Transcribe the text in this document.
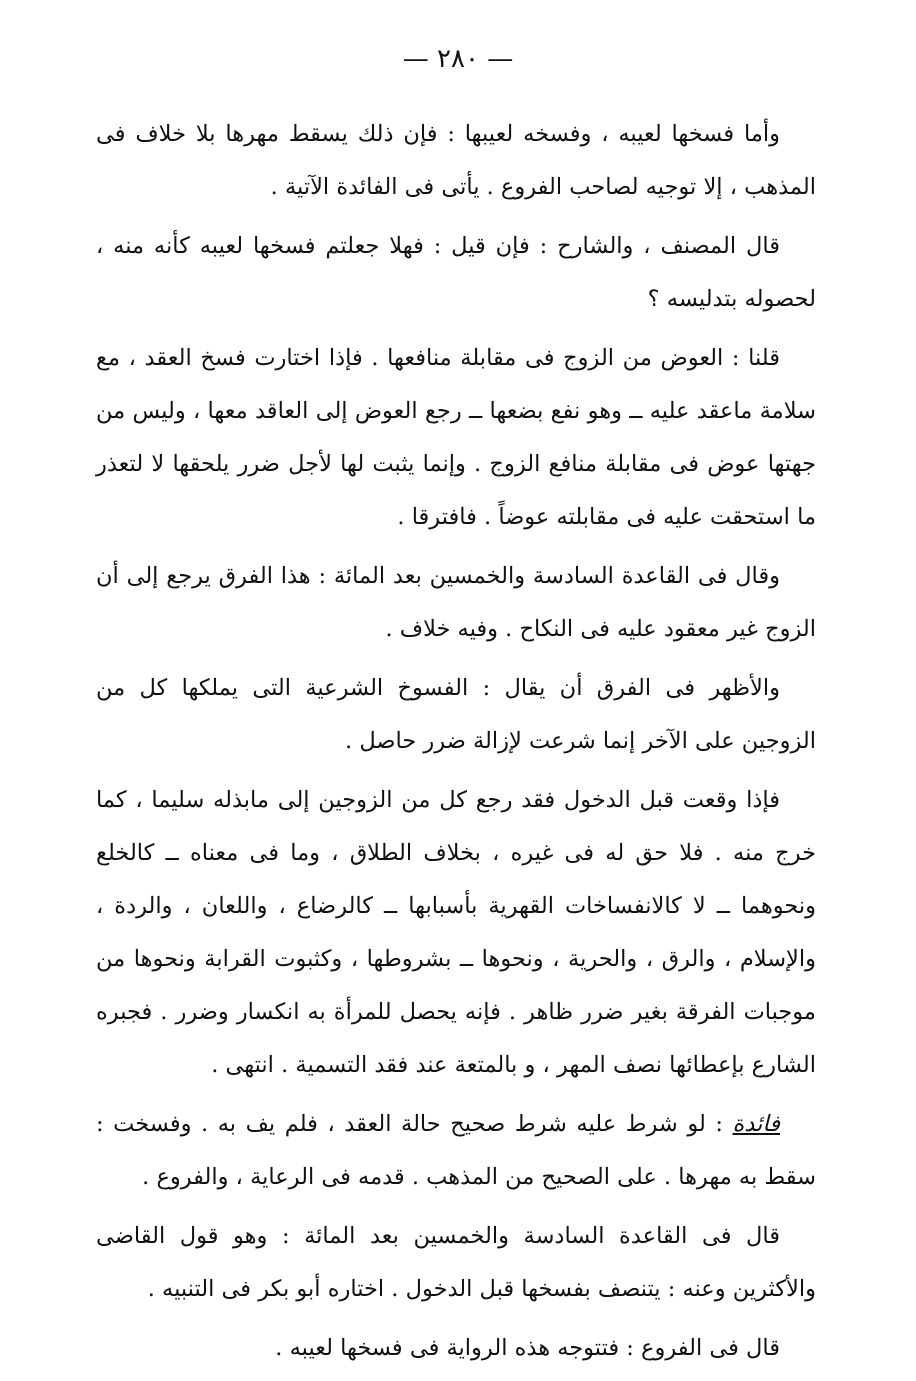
— ٢٨٠ —

وأما فسخها لعيبه ، وفسخه لعيبها : فإن ذلك يسقط مهرها بلا خلاف فى المذهب ، إلا توجيه لصاحب الفروع . يأتى فى الفائدة الآتية .

قال المصنف ، والشارح : فإن قيل : فهلا جعلتم فسخها لعيبه كأنه منه ، لحصوله بتدليسه ؟

قلنا : العوض من الزوج فى مقابلة منافعها . فإذا اختارت فسخ العقد ، مع سلامة ماعقد عليه ــ وهو نفع بضعها ــ رجع العوض إلى العاقد معها ، وليس من جهتها عوض فى مقابلة منافع الزوج . وإنما يثبت لها لأجل ضرر يلحقها لا لتعذر ما استحقت عليه فى مقابلته عوضاً . فافترقا .

وقال فى القاعدة السادسة والخمسين بعد المائة : هذا الفرق يرجع إلى أن الزوج غير معقود عليه فى النكاح . وفيه خلاف .

والأظهر فى الفرق أن يقال : الفسوخ الشرعية التى يملكها كل من الزوجين على الآخر إنما شرعت لإزالة ضرر حاصل .

فإذا وقعت قبل الدخول فقد رجع كل من الزوجين إلى مابذله سليما ، كما خرج منه . فلا حق له فى غيره ، بخلاف الطلاق ، وما فى معناه ــ كالخلع ونحوهما ــ لا كالانفساخات القهرية بأسبابها ــ كالرضاع ، واللعان ، والردة ، والإسلام ، والرق ، والحرية ، ونحوها ــ بشروطها ، وكثبوت القرابة ونحوها من موجبات الفرقة بغير ضرر ظاهر . فإنه يحصل للمرأة به انكسار وضرر . فجبره الشارع بإعطائها نصف المهر ، و بالمتعة عند فقد التسمية . انتهى .

فائدة : لو شرط عليه شرط صحيح حالة العقد ، فلم يف به . وفسخت : سقط به مهرها . على الصحيح من المذهب . قدمه فى الرعاية ، والفروع .

قال فى القاعدة السادسة والخمسين بعد المائة : وهو قول القاضى والأكثرين وعنه : يتنصف بفسخها قبل الدخول . اختاره أبو بكر فى التنبيه .

قال فى الفروع : فتتوجه هذه الرواية فى فسخها لعيبه .
